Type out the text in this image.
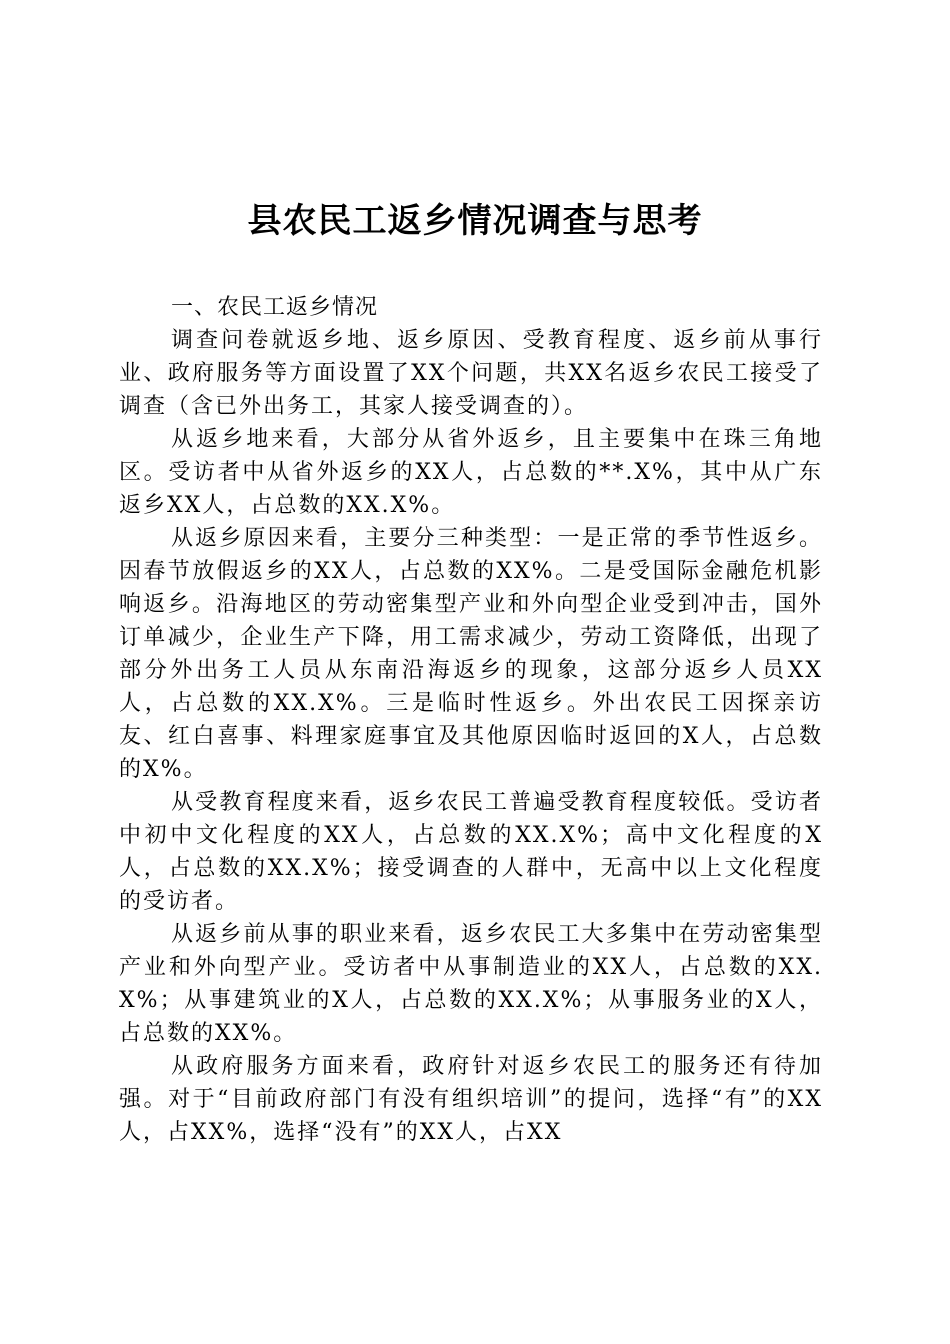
县农民工返乡情况调查与思考
一、农民工返乡情况

调查问卷就返乡地、返乡原因、受教育程度、返乡前从事行业、政府服务等方面设置了XX个问题，共XX名返乡农民工接受了调查（含已外出务工，其家人接受调查的）。

从返乡地来看，大部分从省外返乡，且主要集中在珠三角地区。受访者中从省外返乡的XX人，占总数的**.X%，其中从广东返乡XX人，占总数的XX.X%。

从返乡原因来看，主要分三种类型：一是正常的季节性返乡。因春节放假返乡的XX人，占总数的XX%。二是受国际金融危机影响返乡。沿海地区的劳动密集型产业和外向型企业受到冲击，国外订单减少，企业生产下降，用工需求减少，劳动工资降低，出现了部分外出务工人员从东南沿海返乡的现象，这部分返乡人员XX人，占总数的XX.X%。三是临时性返乡。外出农民工因探亲访友、红白喜事、料理家庭事宜及其他原因临时返回的X人，占总数的X%。

从受教育程度来看，返乡农民工普遍受教育程度较低。受访者中初中文化程度的XX人，占总数的XX.X%；高中文化程度的X人，占总数的XX.X%；接受调查的人群中，无高中以上文化程度的受访者。

从返乡前从事的职业来看，返乡农民工大多集中在劳动密集型产业和外向型产业。受访者中从事制造业的XX人，占总数的XX.X%；从事建筑业的X人，占总数的XX.X%；从事服务业的X人，占总数的XX%。

从政府服务方面来看，政府针对返乡农民工的服务还有待加强。对于“目前政府部门有没有组织培训”的提问，选择“有”的XX人，占XX%，选择“没有”的XX人，占XX
